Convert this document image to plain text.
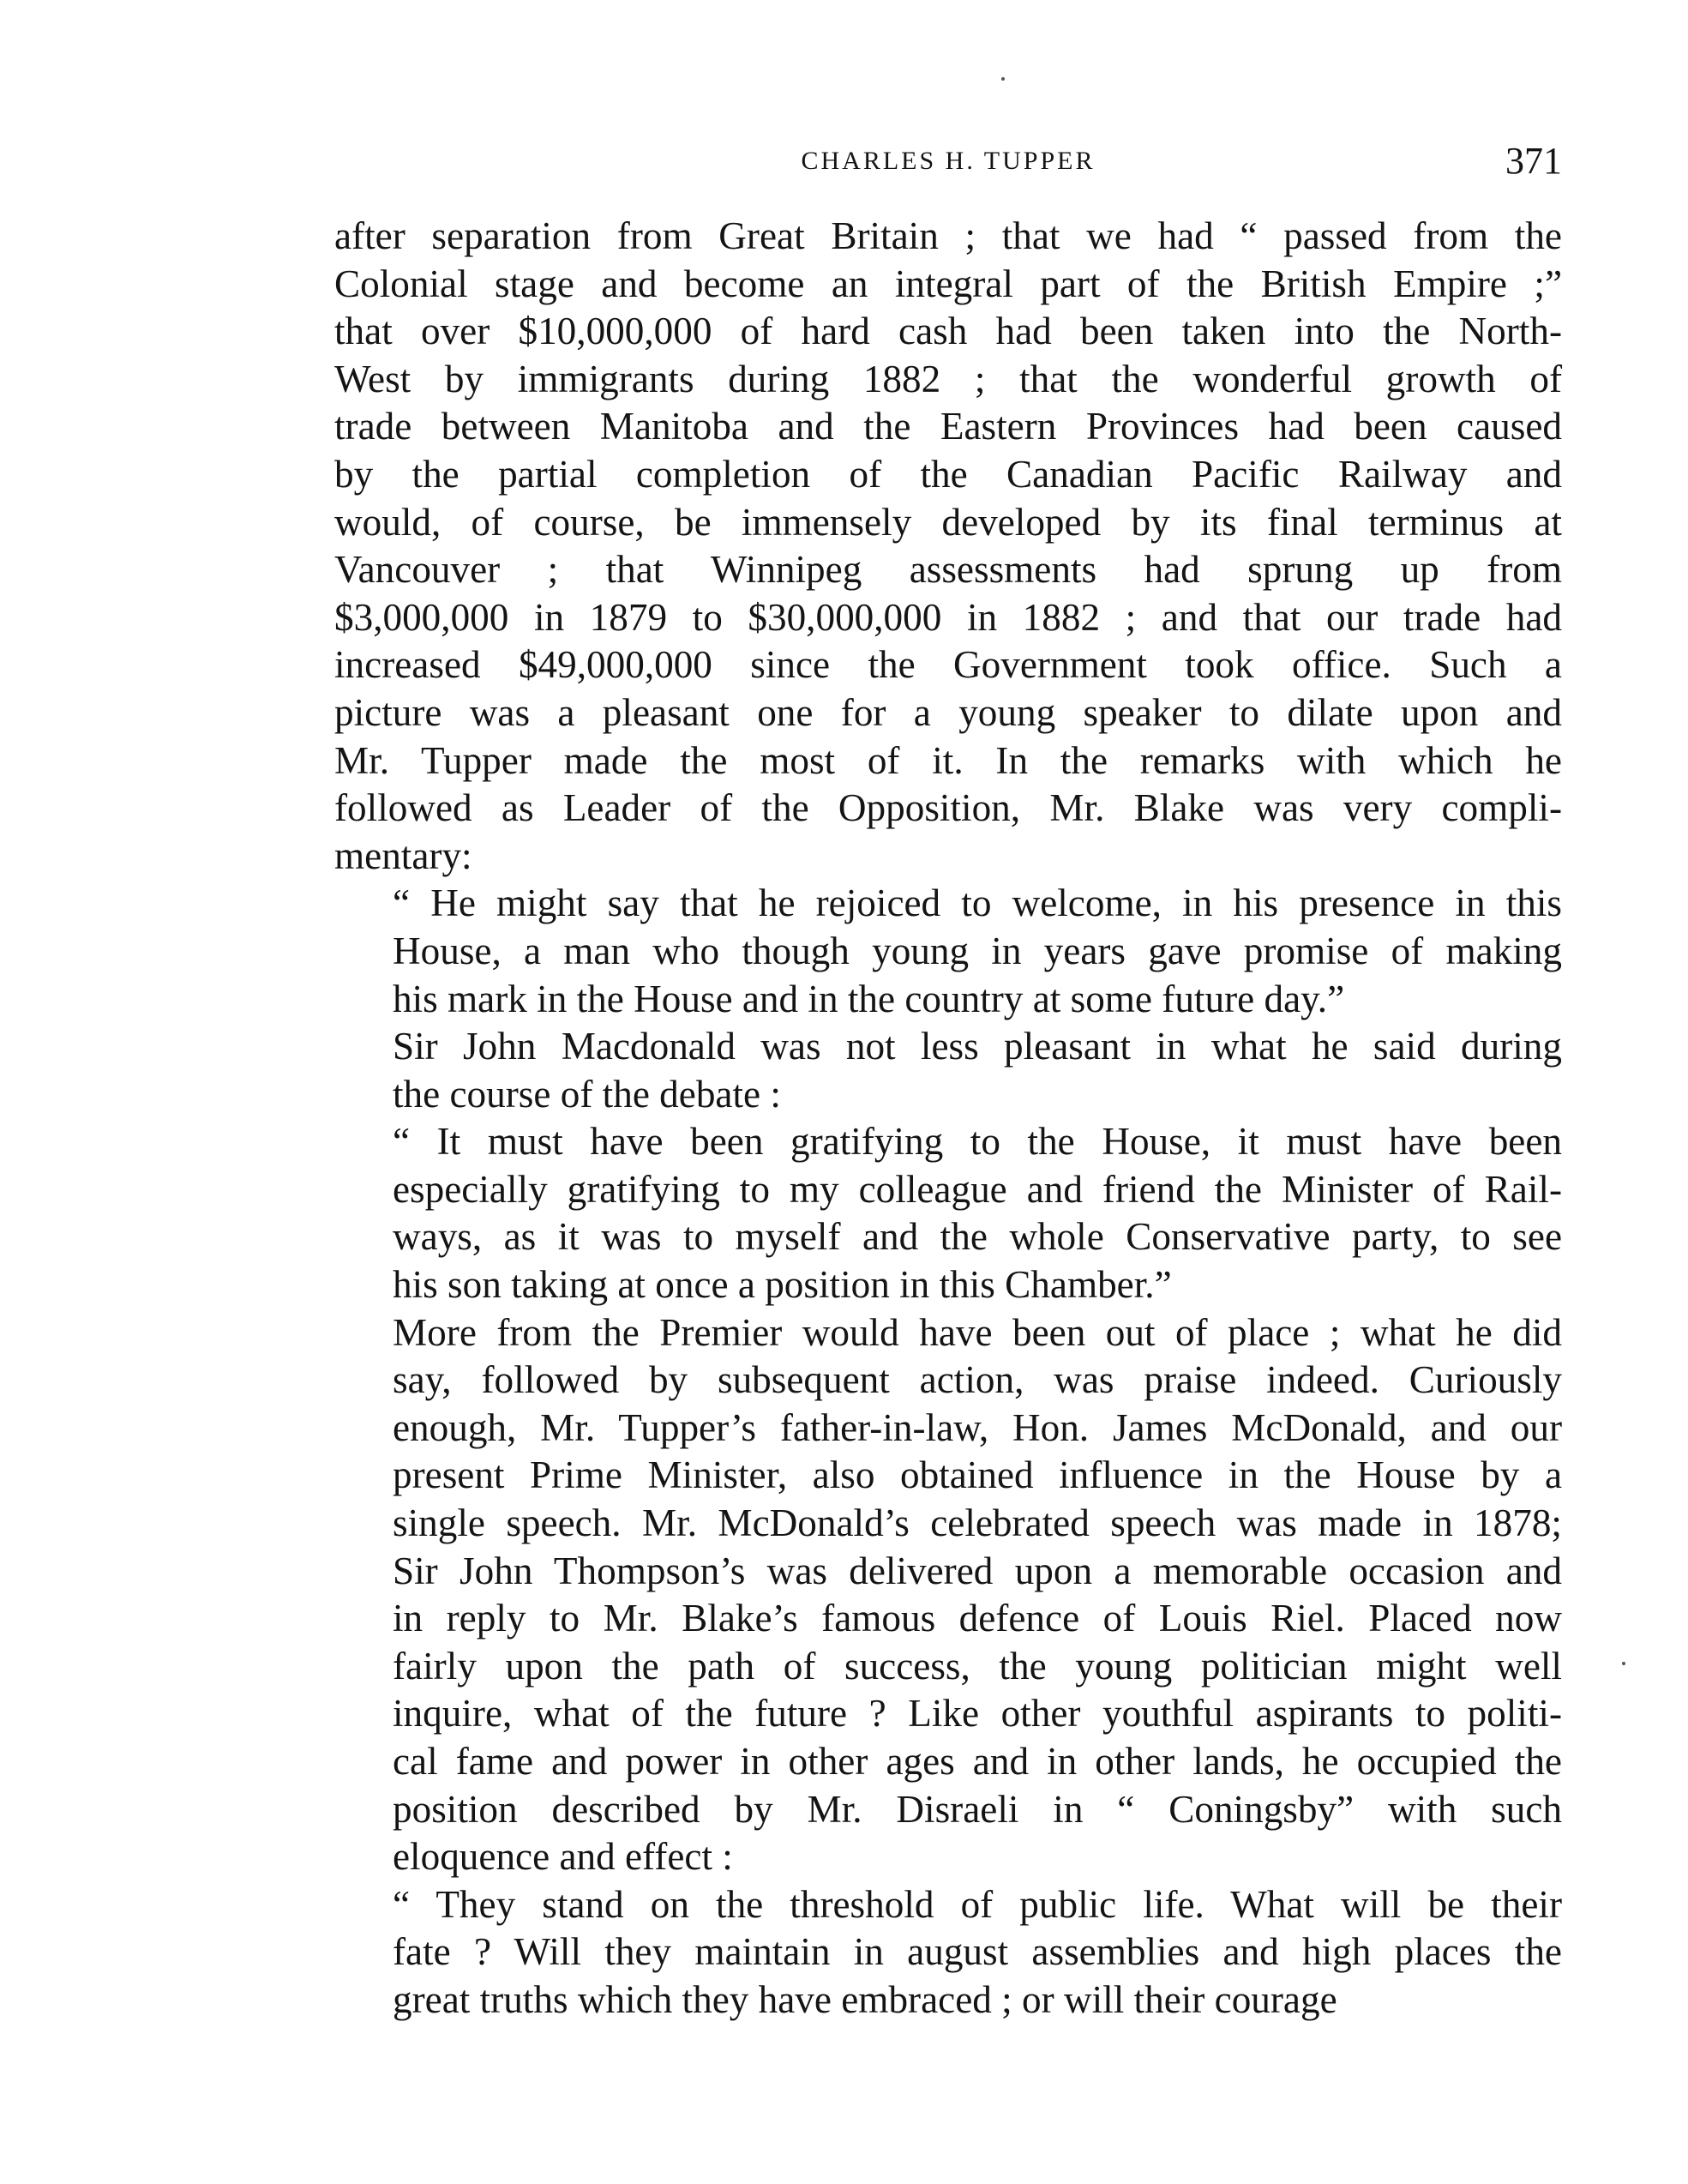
CHARLES H. TUPPER	371

after separation from Great Britain ; that we had “ passed from the
Colonial stage and become an integral part of the British Empire ;”
that over $10,000,000 of hard cash had been taken into the North-
West by immigrants during 1882 ; that the wonderful growth of
trade between Manitoba and the Eastern Provinces had been caused
by the partial completion of the Canadian Pacific Railway and
would, of course, be immensely developed by its final terminus at
Vancouver ; that Winnipeg assessments had sprung up from
$3,000,000 in 1879 to $30,000,000 in 1882 ; and that our trade had
increased $49,000,000 since the Government took office. Such a
picture was a pleasant one for a young speaker to dilate upon and
Mr. Tupper made the most of it. In the remarks with which he
followed as Leader of the Opposition, Mr. Blake was very compli-
mentary:

“ He might say that he rejoiced to welcome, in his presence in this
House, a man who though young in years gave promise of making
his mark in the House and in the country at some future day.”

Sir John Macdonald was not less pleasant in what he said during
the course of the debate :

“ It must have been gratifying to the House, it must have been
especially gratifying to my colleague and friend the Minister of Rail-
ways, as it was to myself and the whole Conservative party, to see
his son taking at once a position in this Chamber.”

More from the Premier would have been out of place ; what he did
say, followed by subsequent action, was praise indeed. Curiously
enough, Mr. Tupper’s father-in-law, Hon. James McDonald, and our
present Prime Minister, also obtained influence in the House by a
single speech. Mr. McDonald’s celebrated speech was made in 1878;
Sir John Thompson’s was delivered upon a memorable occasion and
in reply to Mr. Blake’s famous defence of Louis Riel. Placed now
fairly upon the path of success, the young politician might well
inquire, what of the future ? Like other youthful aspirants to politi-
cal fame and power in other ages and in other lands, he occupied the
position described by Mr. Disraeli in “ Coningsby” with such
eloquence and effect :

“ They stand on the threshold of public life. What will be their
fate ? Will they maintain in august assemblies and high places the
great truths which they have embraced ; or will their courage
